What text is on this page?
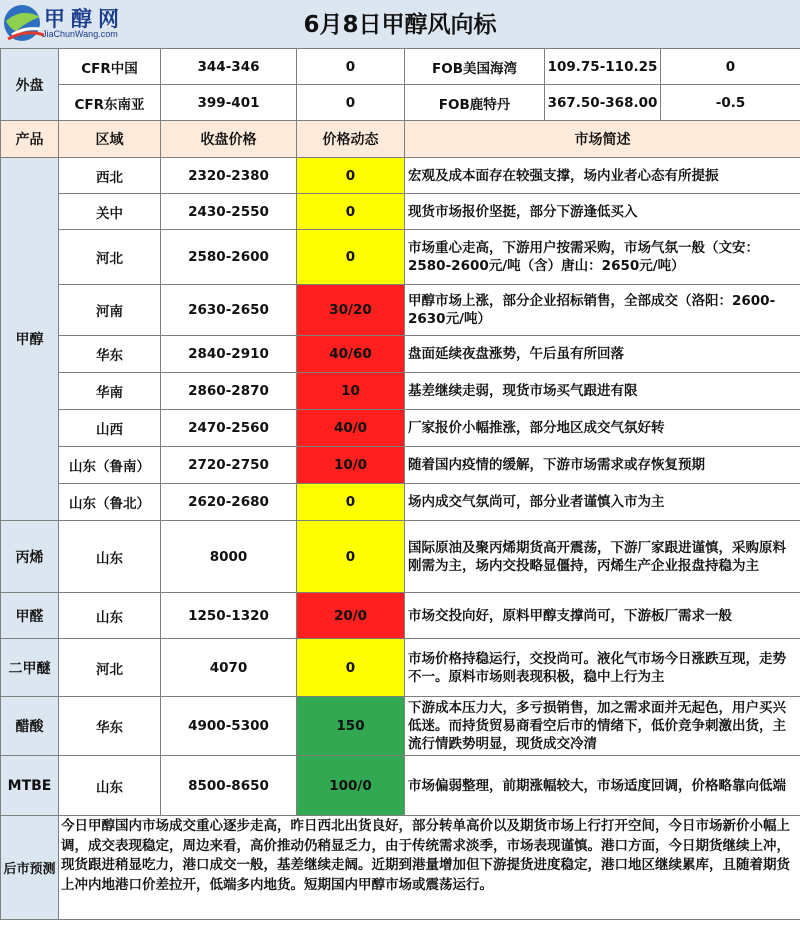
甲醇网
JiaChunWang.com	6月8日甲醇风向标
外盘	CFR中国	344-346	0	FOB美国海湾	109.75-110.25	0
	CFR东南亚	399-401	0	FOB鹿特丹	367.50-368.00	-0.5
产品	区域	收盘价格	价格动态	市场简述		
甲醇	西北	2320-2380	0	宏观及成本面存在较强支撑，场内业者心态有所提振		
	关中	2430-2550	0	现货市场报价坚挺，部分下游逢低买入		
	河北	2580-2600	0	市场重心走高，下游用户按需采购，市场气氛一般（文安：2580-2600元/吨（含）唐山：2650元/吨）		
	河南	2630-2650	30/20	甲醇市场上涨，部分企业招标销售，全部成交（洛阳：2600-2630元/吨）		
	华东	2840-2910	40/60	盘面延续夜盘涨势，午后虽有所回落		
	华南	2860-2870	10	基差继续走弱，现货市场买气跟进有限		
	山西	2470-2560	40/0	厂家报价小幅推涨，部分地区成交气氛好转		
	山东（鲁南）	2720-2750	10/0	随着国内疫情的缓解，下游市场需求或存恢复预期		
	山东（鲁北）	2620-2680	0	场内成交气氛尚可，部分业者谨慎入市为主		
丙烯	山东	8000	0	国际原油及聚丙烯期货高开震荡，下游厂家跟进谨慎，采购原料刚需为主，场内交投略显僵持，丙烯生产企业报盘持稳为主		
甲醛	山东	1250-1320	20/0	市场交投向好，原料甲醇支撑尚可，下游板厂需求一般		
二甲醚	河北	4070	0	市场价格持稳运行，交投尚可。液化气市场今日涨跌互现，走势不一。原料市场则表现积极，稳中上行为主		
醋酸	华东	4900-5300	150	下游成本压力大，多亏损销售，加之需求面并无起色，用户买兴低迷。而持货贸易商看空后市的情绪下，低价竞争刺激出货，主流行情跌势明显，现货成交冷清		
MTBE	山东	8500-8650	100/0	市场偏弱整理，前期涨幅较大，市场适度回调，价格略靠向低端		
后市预测	今日甲醇国内市场成交重心逐步走高，昨日西北出货良好，部分转单高价以及期货市场上行打开空间，今日市场新价小幅上调，成交表现稳定，周边来看，高价推动仍稍显乏力，由于传统需求淡季，市场表现谨慎。港口方面，今日期货继续上冲，现货跟进稍显吃力，港口成交一般，基差继续走阔。近期到港量增加但下游提货进度稳定，港口地区继续累库，且随着期货上冲内地港口价差拉开，低端多内地货。短期国内甲醇市场或震荡运行。					
